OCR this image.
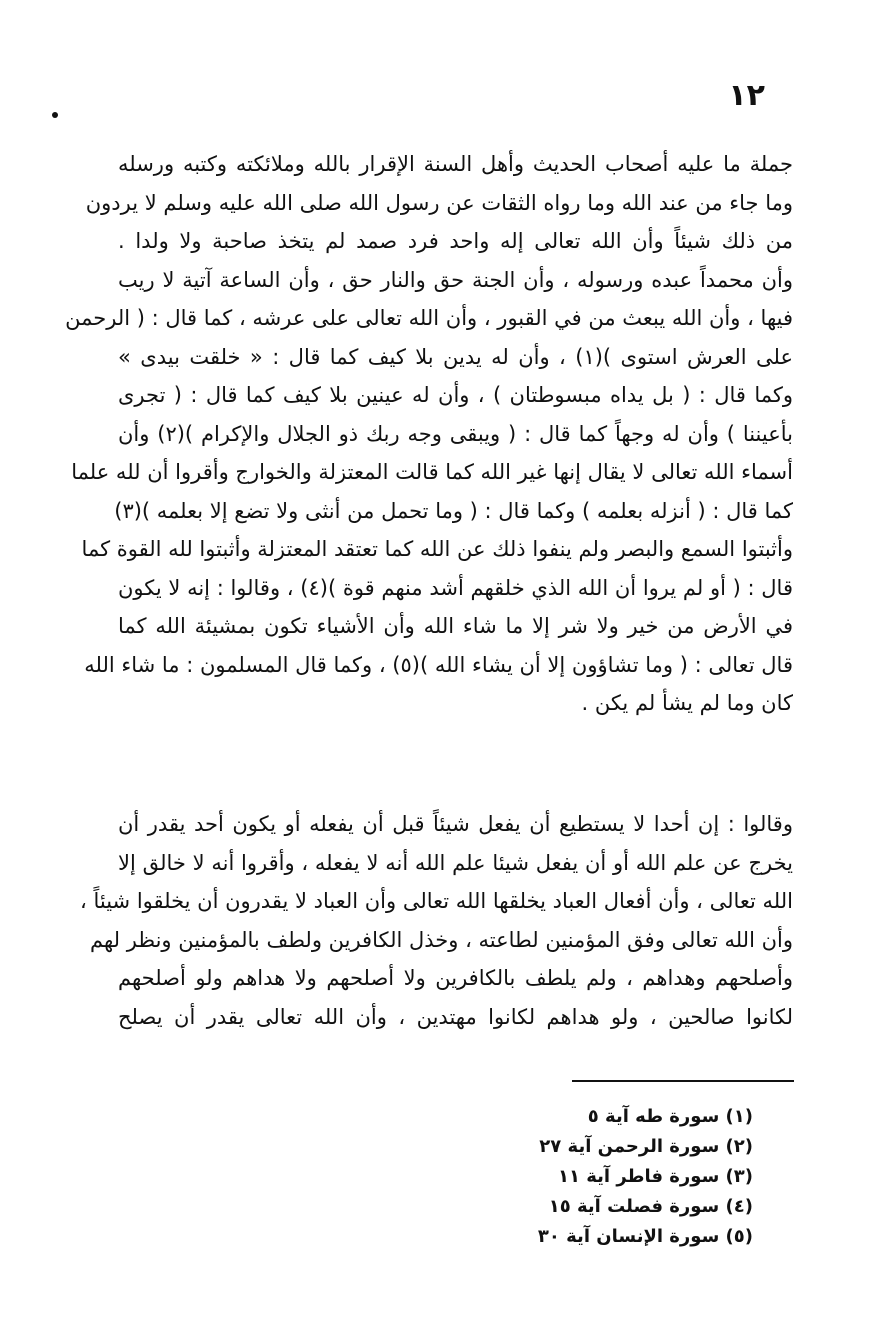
١٢
جملة ما عليه أصحاب الحديث وأهل السنة الإقرار بالله وملائكته وكتبه ورسله
وما جاء من عند الله وما رواه الثقات عن رسول الله صلى الله عليه وسلم لا يردون
من ذلك شيئاً وأن الله تعالى إله واحد فرد صمد لم يتخذ صاحبة ولا ولدا .
وأن محمداً عبده ورسوله ، وأن الجنة حق والنار حق ، وأن الساعة آتية لا ريب
فيها ، وأن الله يبعث من في القبور ، وأن الله تعالى على عرشه ، كما قال : ( الرحمن
على العرش استوى )(١) ، وأن له يدين بلا كيف كما قال : « خلقت بيدى »
وكما قال : ( بل يداه مبسوطتان ) ، وأن له عينين بلا كيف كما قال : ( تجرى
بأعيننا ) وأن له وجهاً كما قال : ( ويبقى وجه ربك ذو الجلال والإكرام )(٢) وأن
أسماء الله تعالى لا يقال إنها غير الله كما قالت المعتزلة والخوارج وأقروا أن لله علما
كما قال : ( أنزله بعلمه ) وكما قال : ( وما تحمل من أنثى ولا تضع إلا بعلمه )(٣)
وأثبتوا السمع والبصر ولم ينفوا ذلك عن الله كما تعتقد المعتزلة وأثبتوا لله القوة كما
قال : ( أو لم يروا أن الله الذي خلقهم أشد منهم قوة )(٤) ، وقالوا : إنه لا يكون
في الأرض من خير ولا شر إلا ما شاء الله وأن الأشياء تكون بمشيئة الله كما
قال تعالى : ( وما تشاؤون إلا أن يشاء الله )(٥) ، وكما قال المسلمون : ما شاء الله
كان وما لم يشأ لم يكن .
وقالوا : إن أحدا لا يستطيع أن يفعل شيئاً قبل أن يفعله أو يكون أحد يقدر أن
يخرج عن علم الله أو أن يفعل شيئا علم الله أنه لا يفعله ، وأقروا أنه لا خالق إلا
الله تعالى ، وأن أفعال العباد يخلقها الله تعالى وأن العباد لا يقدرون أن يخلقوا شيئاً ،
وأن الله تعالى وفق المؤمنين لطاعته ، وخذل الكافرين ولطف بالمؤمنين ونظر لهم
وأصلحهم وهداهم ، ولم يلطف بالكافرين ولا أصلحهم ولا هداهم ولو أصلحهم
لكانوا صالحين ، ولو هداهم لكانوا مهتدين ، وأن الله تعالى يقدر أن يصلح
(١) سورة طه آية ٥
(٢) سورة الرحمن آية ٢٧
(٣) سورة فاطر آية ١١
(٤) سورة فصلت آية ١٥
(٥) سورة الإنسان آية ٣٠
